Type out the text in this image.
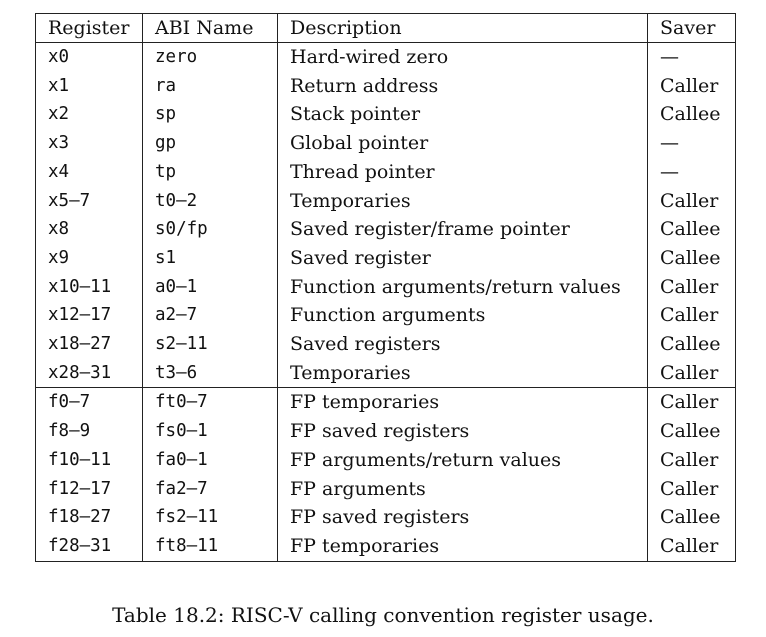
Register	ABI Name	Description	Saver
x0	zero	Hard-wired zero	—
x1	ra	Return address	Caller
x2	sp	Stack pointer	Callee
x3	gp	Global pointer	—
x4	tp	Thread pointer	—
x5–7	t0–2	Temporaries	Caller
x8	s0/fp	Saved register/frame pointer	Callee
x9	s1	Saved register	Callee
x10–11	a0–1	Function arguments/return values	Caller
x12–17	a2–7	Function arguments	Caller
x18–27	s2–11	Saved registers	Callee
x28–31	t3–6	Temporaries	Caller
f0–7	ft0–7	FP temporaries	Caller
f8–9	fs0–1	FP saved registers	Callee
f10–11	fa0–1	FP arguments/return values	Caller
f12–17	fa2–7	FP arguments	Caller
f18–27	fs2–11	FP saved registers	Callee
f28–31	ft8–11	FP temporaries	Caller
Table 18.2: RISC-V calling convention register usage.
